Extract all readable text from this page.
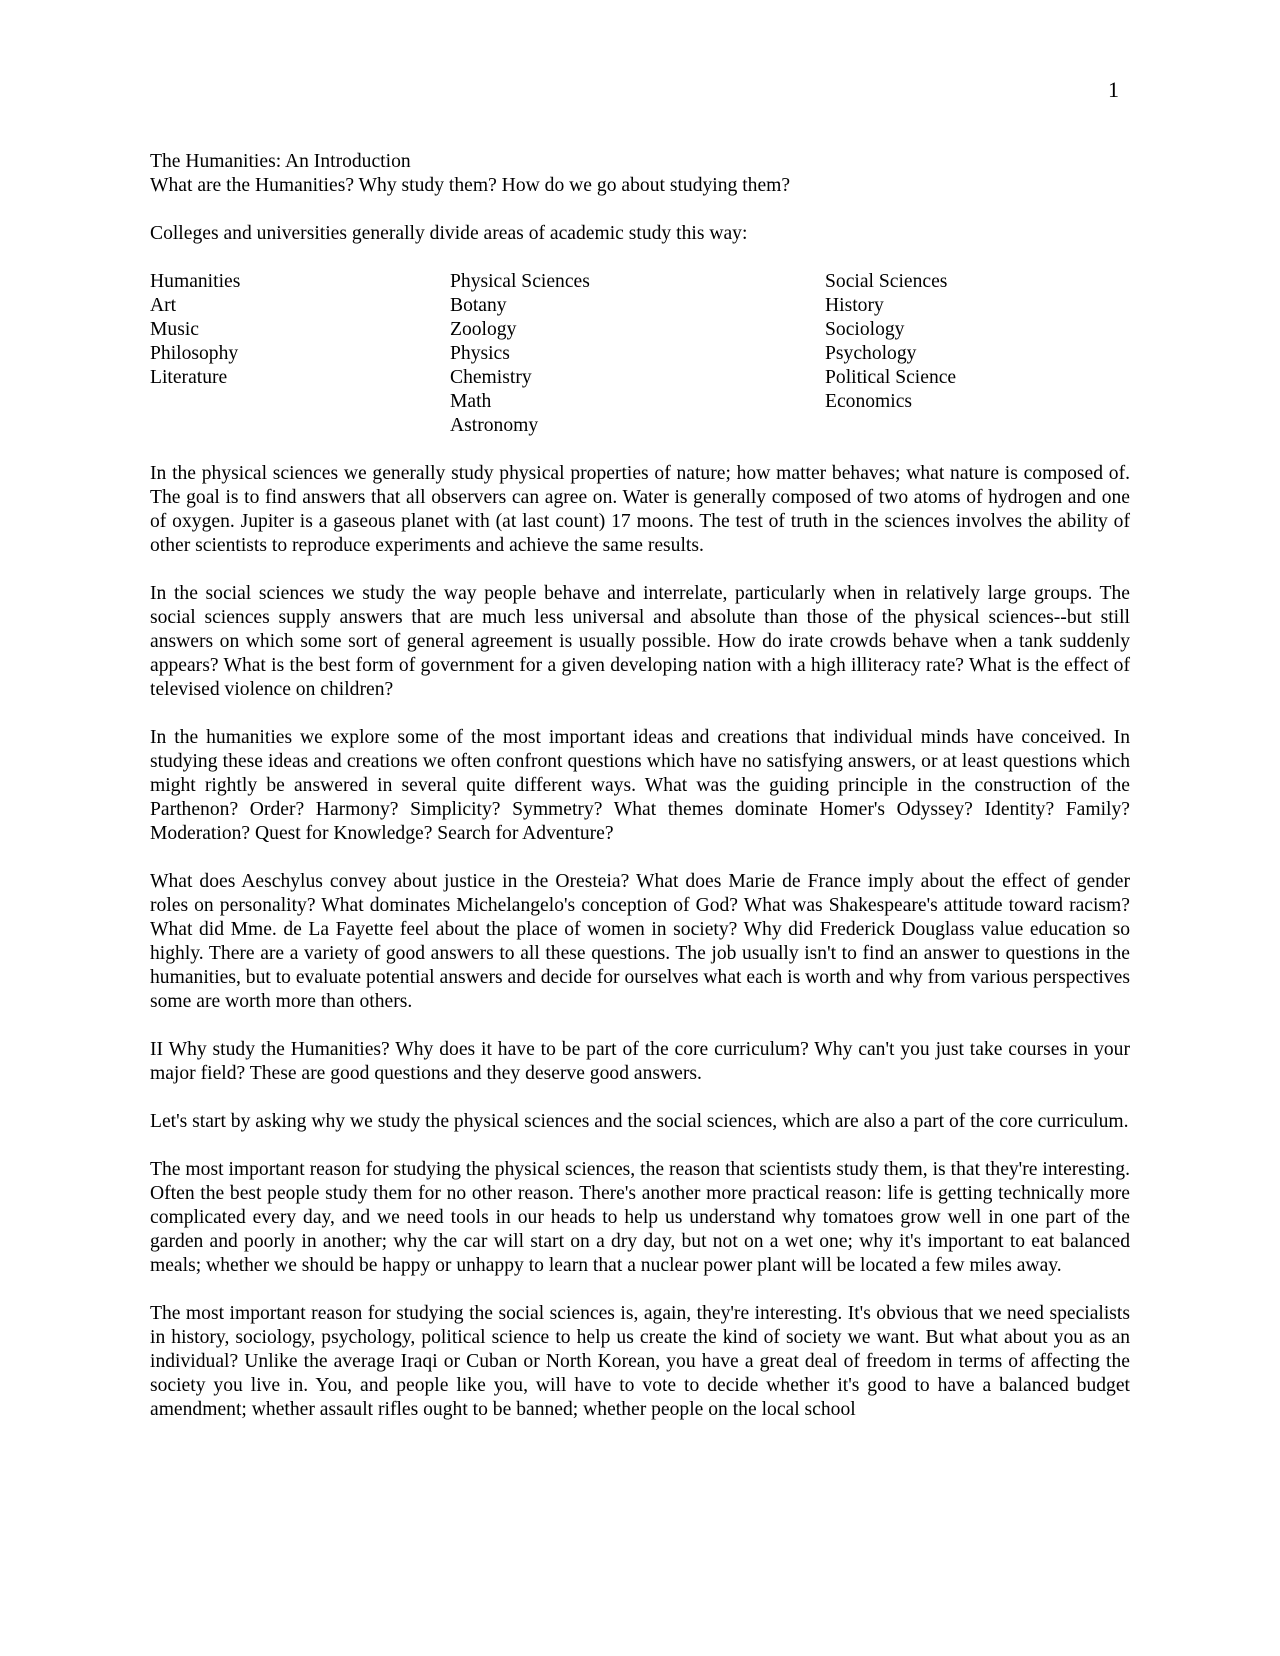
1
The Humanities: An Introduction
What are the Humanities? Why study them? How do we go about studying them?
Colleges and universities generally divide areas of academic study this way:
Humanities
Art
Music
Philosophy
Literature
Physical Sciences
Botany
Zoology
Physics
Chemistry
Math
Astronomy
Social Sciences
History
Sociology
Psychology
Political Science
Economics

In the physical sciences we generally study physical properties of nature; how matter behaves; what nature is composed of. The goal is to find answers that all observers can agree on. Water is generally composed of two atoms of hydrogen and one of oxygen. Jupiter is a gaseous planet with (at last count) 17 moons. The test of truth in the sciences involves the ability of other scientists to reproduce experiments and achieve the same results.

In the social sciences we study the way people behave and interrelate, particularly when in relatively large groups. The social sciences supply answers that are much less universal and absolute than those of the physical sciences--but still answers on which some sort of general agreement is usually possible. How do irate crowds behave when a tank suddenly appears? What is the best form of government for a given developing nation with a high illiteracy rate? What is the effect of televised violence on children?

In the humanities we explore some of the most important ideas and creations that individual minds have conceived. In studying these ideas and creations we often confront questions which have no satisfying answers, or at least questions which might rightly be answered in several quite different ways. What was the guiding principle in the construction of the Parthenon? Order? Harmony? Simplicity? Symmetry? What themes dominate Homer's Odyssey? Identity? Family? Moderation? Quest for Knowledge? Search for Adventure?

What does Aeschylus convey about justice in the Oresteia? What does Marie de France imply about the effect of gender roles on personality? What dominates Michelangelo's conception of God? What was Shakespeare's attitude toward racism? What did Mme. de La Fayette feel about the place of women in society? Why did Frederick Douglass value education so highly. There are a variety of good answers to all these questions. The job usually isn't to find an answer to questions in the humanities, but to evaluate potential answers and decide for ourselves what each is worth and why from various perspectives some are worth more than others.

II Why study the Humanities? Why does it have to be part of the core curriculum? Why can't you just take courses in your major field? These are good questions and they deserve good answers.

Let's start by asking why we study the physical sciences and the social sciences, which are also a part of the core curriculum.

The most important reason for studying the physical sciences, the reason that scientists study them, is that they're interesting. Often the best people study them for no other reason. There's another more practical reason: life is getting technically more complicated every day, and we need tools in our heads to help us understand why tomatoes grow well in one part of the garden and poorly in another; why the car will start on a dry day, but not on a wet one; why it's important to eat balanced meals; whether we should be happy or unhappy to learn that a nuclear power plant will be located a few miles away.

The most important reason for studying the social sciences is, again, they're interesting. It's obvious that we need specialists in history, sociology, psychology, political science to help us create the kind of society we want. But what about you as an individual? Unlike the average Iraqi or Cuban or North Korean, you have a great deal of freedom in terms of affecting the society you live in. You, and people like you, will have to vote to decide whether it's good to have a balanced budget amendment; whether assault rifles ought to be banned; whether people on the local school
